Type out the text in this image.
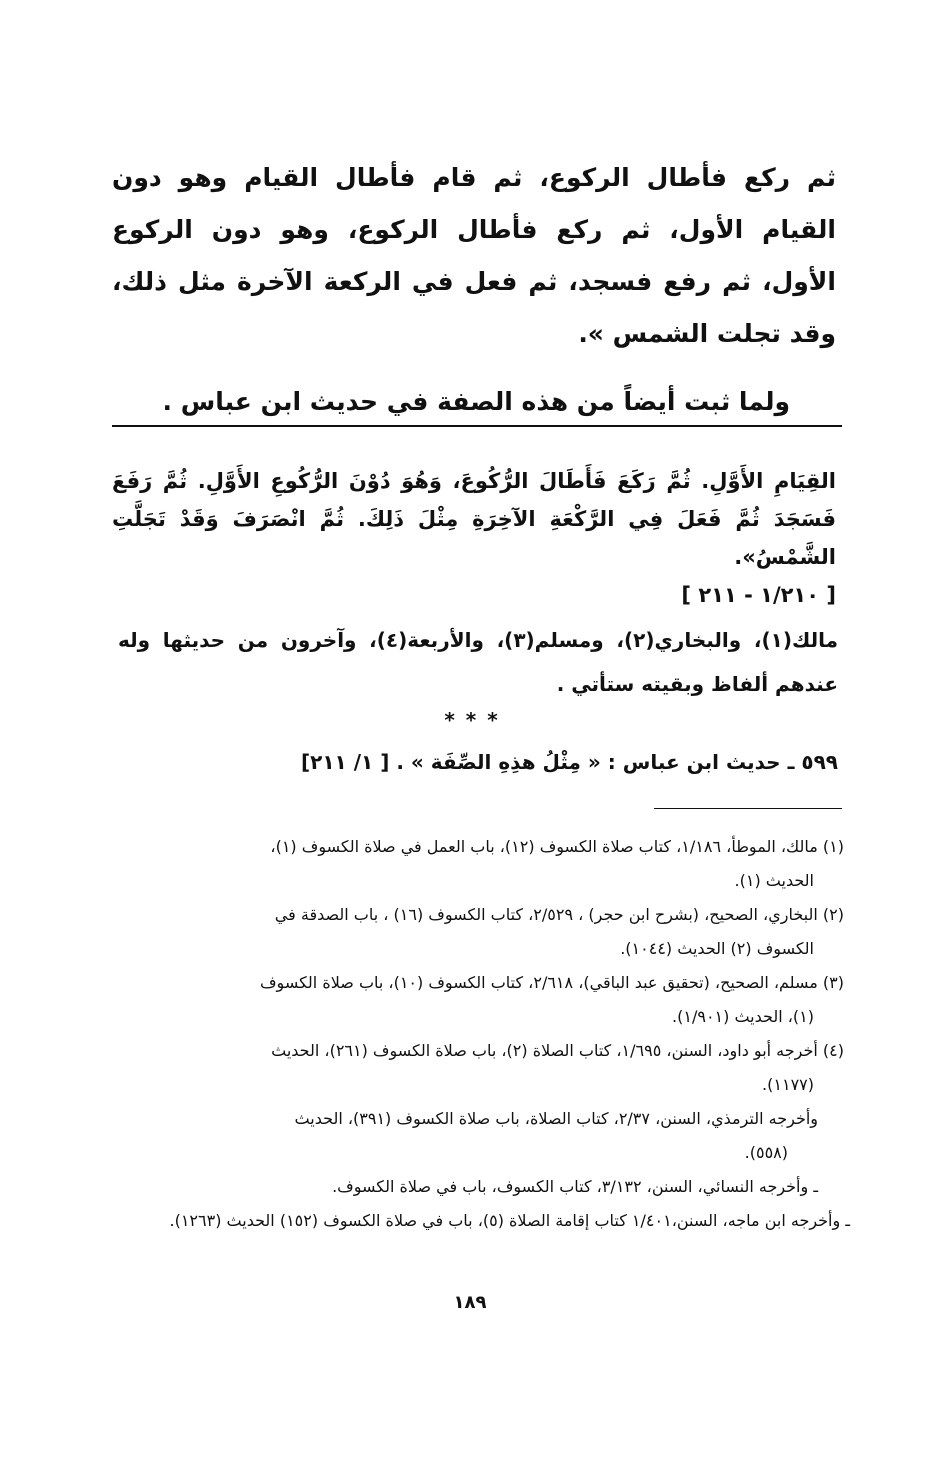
ثم ركع فأطال الركوع، ثم قام فأطال القيام وهو دون القيام الأول، ثم ركع فأطال الركوع، وهو دون الركوع الأول، ثم رفع فسجد، ثم فعل في الركعة الآخرة مثل ذلك، وقد تجلت الشمس ».

ولما ثبت أيضاً من هذه الصفة في حديث ابن عباس .

القِيَامِ الأَوَّلِ. ثُمَّ رَكَعَ فَأَطَالَ الرُّكُوعَ، وَهُوَ دُوْنَ الرُّكُوعِ الأَوَّلِ. ثُمَّ رَفَعَ فَسَجَدَ ثُمَّ فَعَلَ فِي الرَّكْعَةِ الآخِرَةِ مِثْلَ ذَلِكَ. ثُمَّ انْصَرَفَ وَقَدْ تَجَلَّتِ الشَّمْسُ».
[ ١/٢١٠ - ٢١١ ]
مالك(١)، والبخاري(٢)، ومسلم(٣)، والأربعة(٤)، وآخرون من حديثها وله عندهم ألفاظ وبقيته ستأتي .
* * *
٥٩٩ ـ حديث ابن عباس : « مِثْلُ هذِهِ الصِّفَة » . [ ١/ ٢١١]
(١) مالك، الموطأ، ١/١٨٦، كتاب صلاة الكسوف (١٢)، باب العمل في صلاة الكسوف (١)،
الحديث (١).
(٢) البخاري، الصحيح، (بشرح ابن حجر) ، ٢/٥٢٩، كتاب الكسوف (١٦) ، باب الصدقة في
الكسوف (٢) الحديث (١٠٤٤).
(٣) مسلم، الصحيح، (تحقيق عبد الباقي)، ٢/٦١٨، كتاب الكسوف (١٠)، باب صلاة الكسوف
(١)، الحديث (١/٩٠١).
(٤) أخرجه أبو داود، السنن، ١/٦٩٥، كتاب الصلاة (٢)، باب صلاة الكسوف (٢٦١)، الحديث
(١١٧٧).
وأخرجه الترمذي، السنن، ٢/٣٧، كتاب الصلاة، باب صلاة الكسوف (٣٩١)، الحديث
(٥٥٨).
ـ وأخرجه النسائي، السنن، ٣/١٣٢، كتاب الكسوف، باب في صلاة الكسوف.
ـ وأخرجه ابن ماجه، السنن،١/٤٠١ كتاب إقامة الصلاة (٥)، باب في صلاة الكسوف (١٥٢) الحديث (١٢٦٣).
١٨٩
